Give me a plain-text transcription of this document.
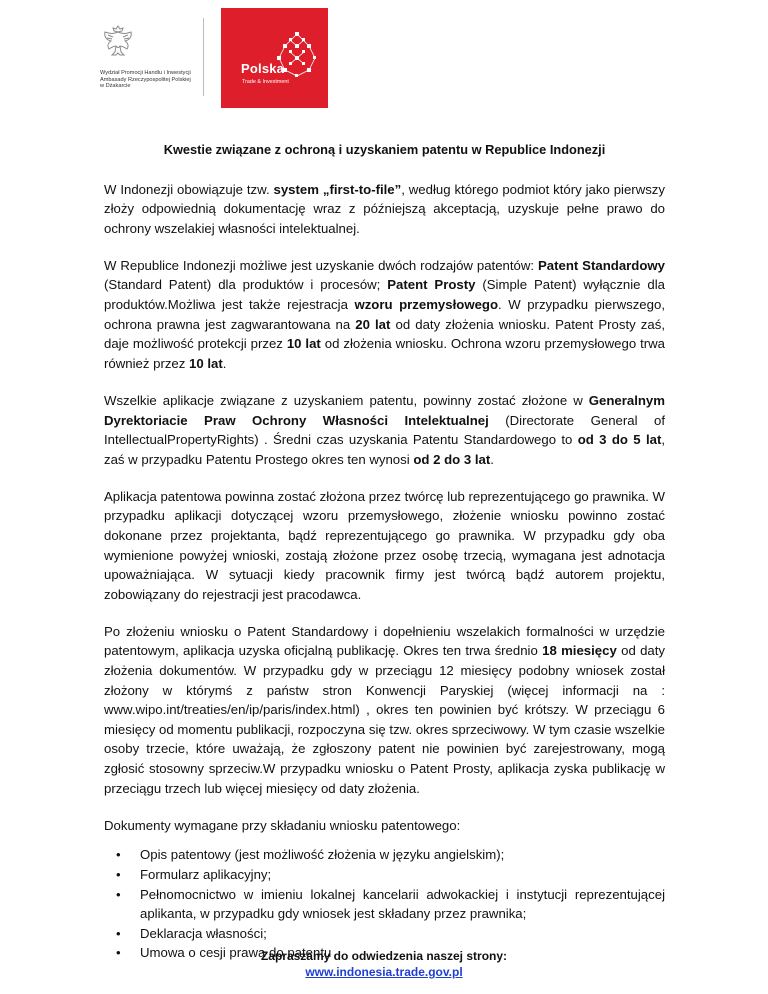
Wydział Promocji Handlu i Inwestycji
Ambasady Rzeczypospolitej Polskiej
w Dżakarcie
Polska
Trade & Investment
Kwestie związane z ochroną i uzyskaniem patentu w Republice Indonezji
W Indonezji obowiązuje tzw. system „first-to-file”, według którego podmiot który jako pierwszy złoży odpowiednią dokumentację wraz z późniejszą akceptacją, uzyskuje pełne prawo do ochrony wszelakiej własności intelektualnej.
W Republice Indonezji możliwe jest uzyskanie dwóch rodzajów patentów: Patent Standardowy (Standard Patent) dla produktów i procesów; Patent Prosty (Simple Patent) wyłącznie dla produktów.Możliwa jest także rejestracja wzoru przemysłowego. W przypadku pierwszego, ochrona prawna jest zagwarantowana na 20 lat od daty złożenia wniosku. Patent Prosty zaś, daje możliwość protekcji przez 10 lat od złożenia wniosku. Ochrona wzoru przemysłowego trwa również przez 10 lat.
Wszelkie aplikacje związane z uzyskaniem patentu, powinny zostać złożone w Generalnym Dyrektoriacie Praw Ochrony Własności Intelektualnej (Directorate General of IntellectualPropertyRights) . Średni czas uzyskania Patentu Standardowego to od 3 do 5 lat, zaś w przypadku Patentu Prostego okres ten wynosi od 2 do 3 lat.
Aplikacja patentowa powinna zostać złożona przez twórcę lub reprezentującego go prawnika. W przypadku aplikacji dotyczącej wzoru przemysłowego, złożenie wniosku powinno zostać dokonane przez projektanta, bądź reprezentującego go prawnika. W przypadku gdy oba wymienione powyżej wnioski, zostają złożone przez osobę trzecią, wymagana jest adnotacja upoważniająca. W sytuacji kiedy pracownik firmy jest twórcą bądź autorem projektu, zobowiązany do rejestracji jest pracodawca.
Po złożeniu wniosku o Patent Standardowy i dopełnieniu wszelakich formalności w urzędzie patentowym, aplikacja uzyska oficjalną publikację. Okres ten trwa średnio 18 miesięcy od daty złożenia dokumentów. W przypadku gdy w przeciągu 12 miesięcy podobny wniosek został złożony w którymś z państw stron Konwencji Paryskiej (więcej informacji na : www.wipo.int/treaties/en/ip/paris/index.html) , okres ten powinien być krótszy. W przeciągu 6 miesięcy od momentu publikacji, rozpoczyna się tzw. okres sprzeciwowy. W tym czasie wszelkie osoby trzecie, które uważają, że zgłoszony patent nie powinien być zarejestrowany, mogą zgłosić stosowny sprzeciw.W przypadku wniosku o Patent Prosty, aplikacja zyska publikację w przeciągu trzech lub więcej miesięcy od daty złożenia.
Dokumenty wymagane przy składaniu wniosku patentowego:
• Opis patentowy (jest możliwość złożenia w języku angielskim);
• Formularz aplikacyjny;
• Pełnomocnictwo w imieniu lokalnej kancelarii adwokackiej i instytucji reprezentującej aplikanta, w przypadku gdy wniosek jest składany przez prawnika;
• Deklaracja własności;
• Umowa o cesji prawa do patentu
Zapraszamy do odwiedzenia naszej strony:
www.indonesia.trade.gov.pl
